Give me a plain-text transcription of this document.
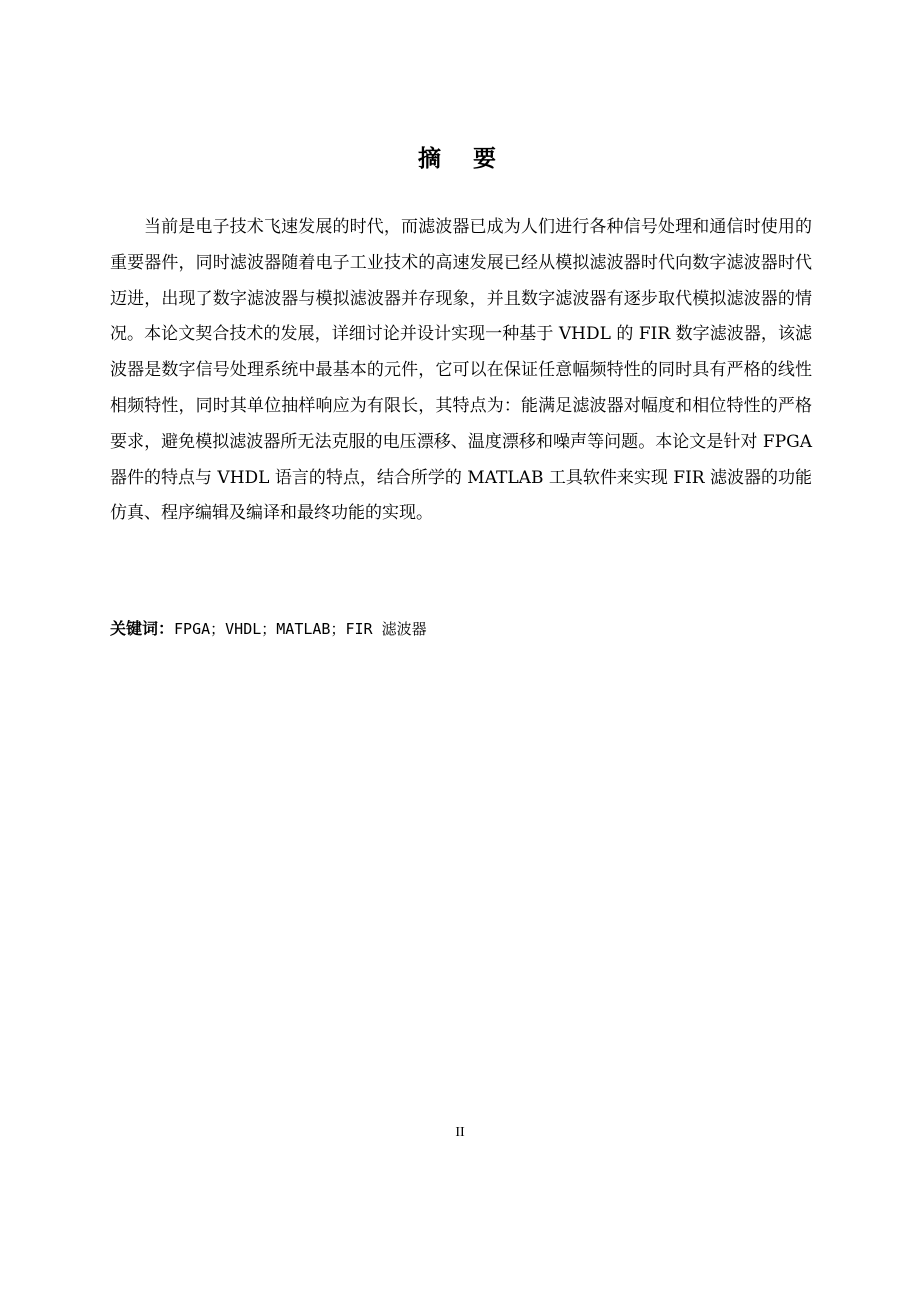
摘 要

当前是电子技术飞速发展的时代，而滤波器已成为人们进行各种信号处理和通信时使用的重要器件，同时滤波器随着电子工业技术的高速发展已经从模拟滤波器时代向数字滤波器时代迈进，出现了数字滤波器与模拟滤波器并存现象，并且数字滤波器有逐步取代模拟滤波器的情况。本论文契合技术的发展，详细讨论并设计实现一种基于 VHDL 的 FIR 数字滤波器，该滤波器是数字信号处理系统中最基本的元件，它可以在保证任意幅频特性的同时具有严格的线性相频特性，同时其单位抽样响应为有限长，其特点为：能满足滤波器对幅度和相位特性的严格要求，避免模拟滤波器所无法克服的电压漂移、温度漂移和噪声等问题。本论文是针对 FPGA 器件的特点与 VHDL 语言的特点，结合所学的 MATLAB 工具软件来实现 FIR 滤波器的功能仿真、程序编辑及编译和最终功能的实现。

关键词：FPGA；VHDL；MATLAB；FIR 滤波器
II
